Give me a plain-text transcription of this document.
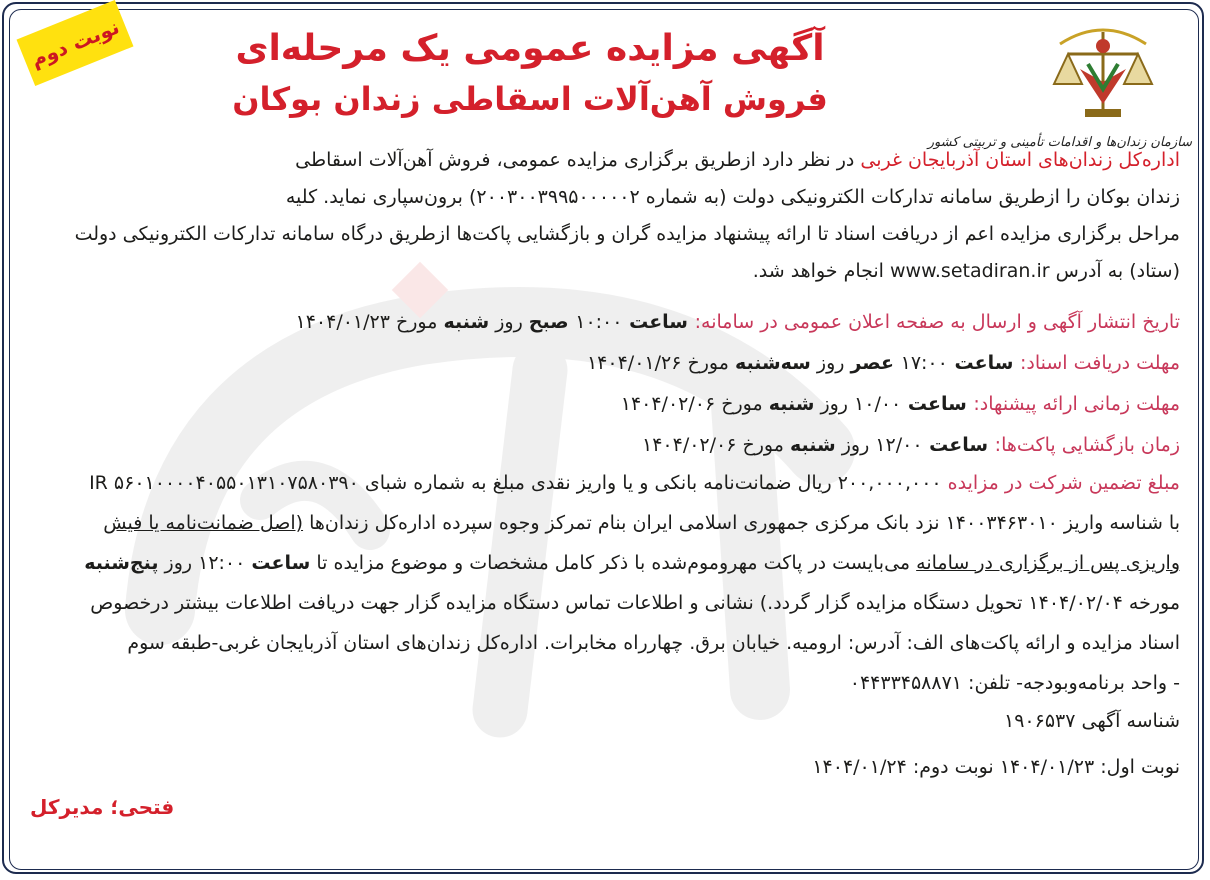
نوبت دوم	آگهی مزایده عمومی یک مرحله‌ای
فروش آهن‌آلات اسقاطی زندان بوکان
سازمان زندان‌ها و اقدامات تأمینی و تربیتی کشور
اداره‌کل زندان‌های استان آذربایجان غربی در نظر دارد ازطریق برگزاری مزایده عمومی، فروش آهن‌آلات اسقاطی
زندان بوکان را ازطریق سامانه تدارکات الکترونیکی دولت (به شماره ۲۰۰۳۰۰۳۹۹۵۰۰۰۰۰۲) برون‌سپاری نماید. کلیه
مراحل برگزاری مزایده اعم از دریافت اسناد تا ارائه پیشنهاد مزایده گران و بازگشایی پاکت‌ها ازطریق درگاه سامانه تدارکات الکترونیکی دولت
(ستاد) به آدرس www.setadiran.ir انجام خواهد شد.
تاریخ انتشار آگهی و ارسال به صفحه اعلان عمومی در سامانه: ساعت ۱۰:۰۰ صبح روز شنبه مورخ ۱۴۰۴/۰۱/۲۳
مهلت دریافت اسناد: ساعت ۱۷:۰۰ عصر روز سه‌شنبه مورخ ۱۴۰۴/۰۱/۲۶
مهلت زمانی ارائه پیشنهاد: ساعت ۱۰/۰۰ روز شنبه مورخ ۱۴۰۴/۰۲/۰۶
زمان بازگشایی پاکت‌ها: ساعت ۱۲/۰۰ روز شنبه مورخ ۱۴۰۴/۰۲/۰۶
مبلغ تضمین شرکت در مزایده ۲۰۰,۰۰۰,۰۰۰ ریال ضمانت‌نامه بانکی و یا واریز نقدی مبلغ به شماره شبای IR ۵۶۰۱۰۰۰۰۴۰۵۵۰۱۳۱۰۷۵۸۰۳۹۰
با شناسه واریز ۱۴۰۰۳۴۶۳۰۱۰ نزد بانک مرکزی جمهوری اسلامی ایران بنام تمرکز وجوه سپرده اداره‌کل زندان‌ها (اصل ضمانت‌نامه یا فیش
واریزی پس از برگزاری در سامانه می‌بایست در پاکت مهروموم‌شده با ذکر کامل مشخصات و موضوع مزایده تا ساعت ۱۲:۰۰ روز پنج‌شنبه
مورخه ۱۴۰۴/۰۲/۰۴ تحویل دستگاه مزایده گزار گردد.) نشانی و اطلاعات تماس دستگاه مزایده گزار جهت دریافت اطلاعات بیشتر درخصوص
اسناد مزایده و ارائه پاکت‌های الف: آدرس: ارومیه. خیابان برق. چهارراه مخابرات. اداره‌کل زندان‌های استان آذربایجان غربی-طبقه سوم
- واحد برنامه‌وبودجه- تلفن: ۰۴۴۳۳۴۵۸۸۷۱
شناسه آگهی ۱۹۰۶۵۳۷
نوبت اول: ۱۴۰۴/۰۱/۲۳ نوبت دوم: ۱۴۰۴/۰۱/۲۴
فتحی؛ مدیرکل
